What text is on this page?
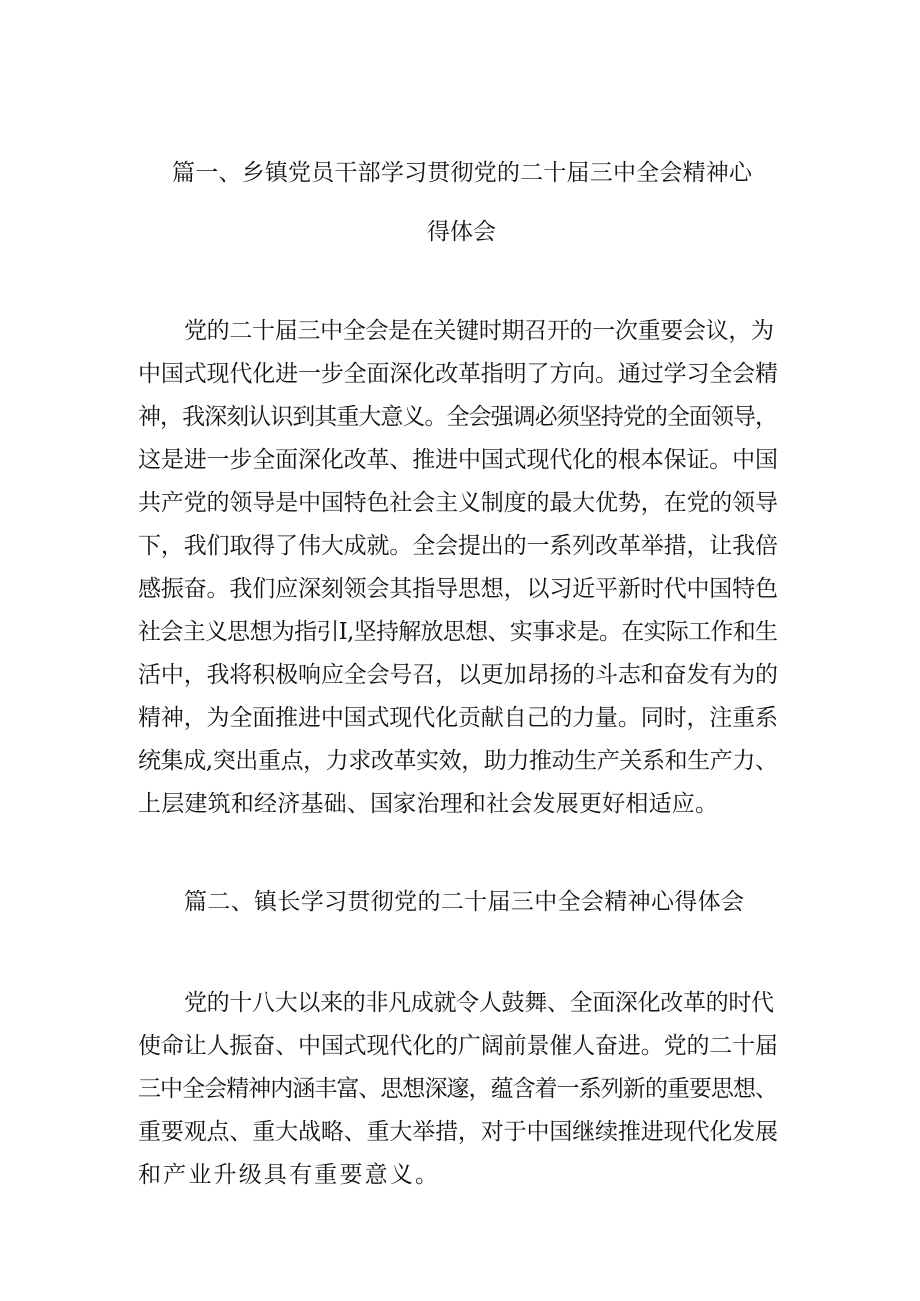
篇一、乡镇党员干部学习贯彻党的二十届三中全会精神心
得体会

党的二十届三中全会是在关键时期召开的一次重要会议，为

中国式现代化进一步全面深化改革指明了方向。通过学习全会精

神，我深刻认识到其重大意义。全会强调必须坚持党的全面领导，

这是进一步全面深化改革、推进中国式现代化的根本保证。中国

共产党的领导是中国特色社会主义制度的最大优势，在党的领导

下，我们取得了伟大成就。全会提出的一系列改革举措，让我倍

感振奋。我们应深刻领会其指导思想，以习近平新时代中国特色

社会主义思想为指引I,坚持解放思想、实事求是。在实际工作和生

活中，我将积极响应全会号召，以更加昂扬的斗志和奋发有为的

精神，为全面推进中国式现代化贡献自己的力量。同时，注重系

统集成,突出重点，力求改革实效，助力推动生产关系和生产力、

上层建筑和经济基础、国家治理和社会发展更好相适应。

篇二、镇长学习贯彻党的二十届三中全会精神心得体会

党的十八大以来的非凡成就令人鼓舞、全面深化改革的时代

使命让人振奋、中国式现代化的广阔前景催人奋进。党的二十届

三中全会精神内涵丰富、思想深邃，蕴含着一系列新的重要思想、

重要观点、重大战略、重大举措，对于中国继续推进现代化发展

和产业升级具有重要意义。
